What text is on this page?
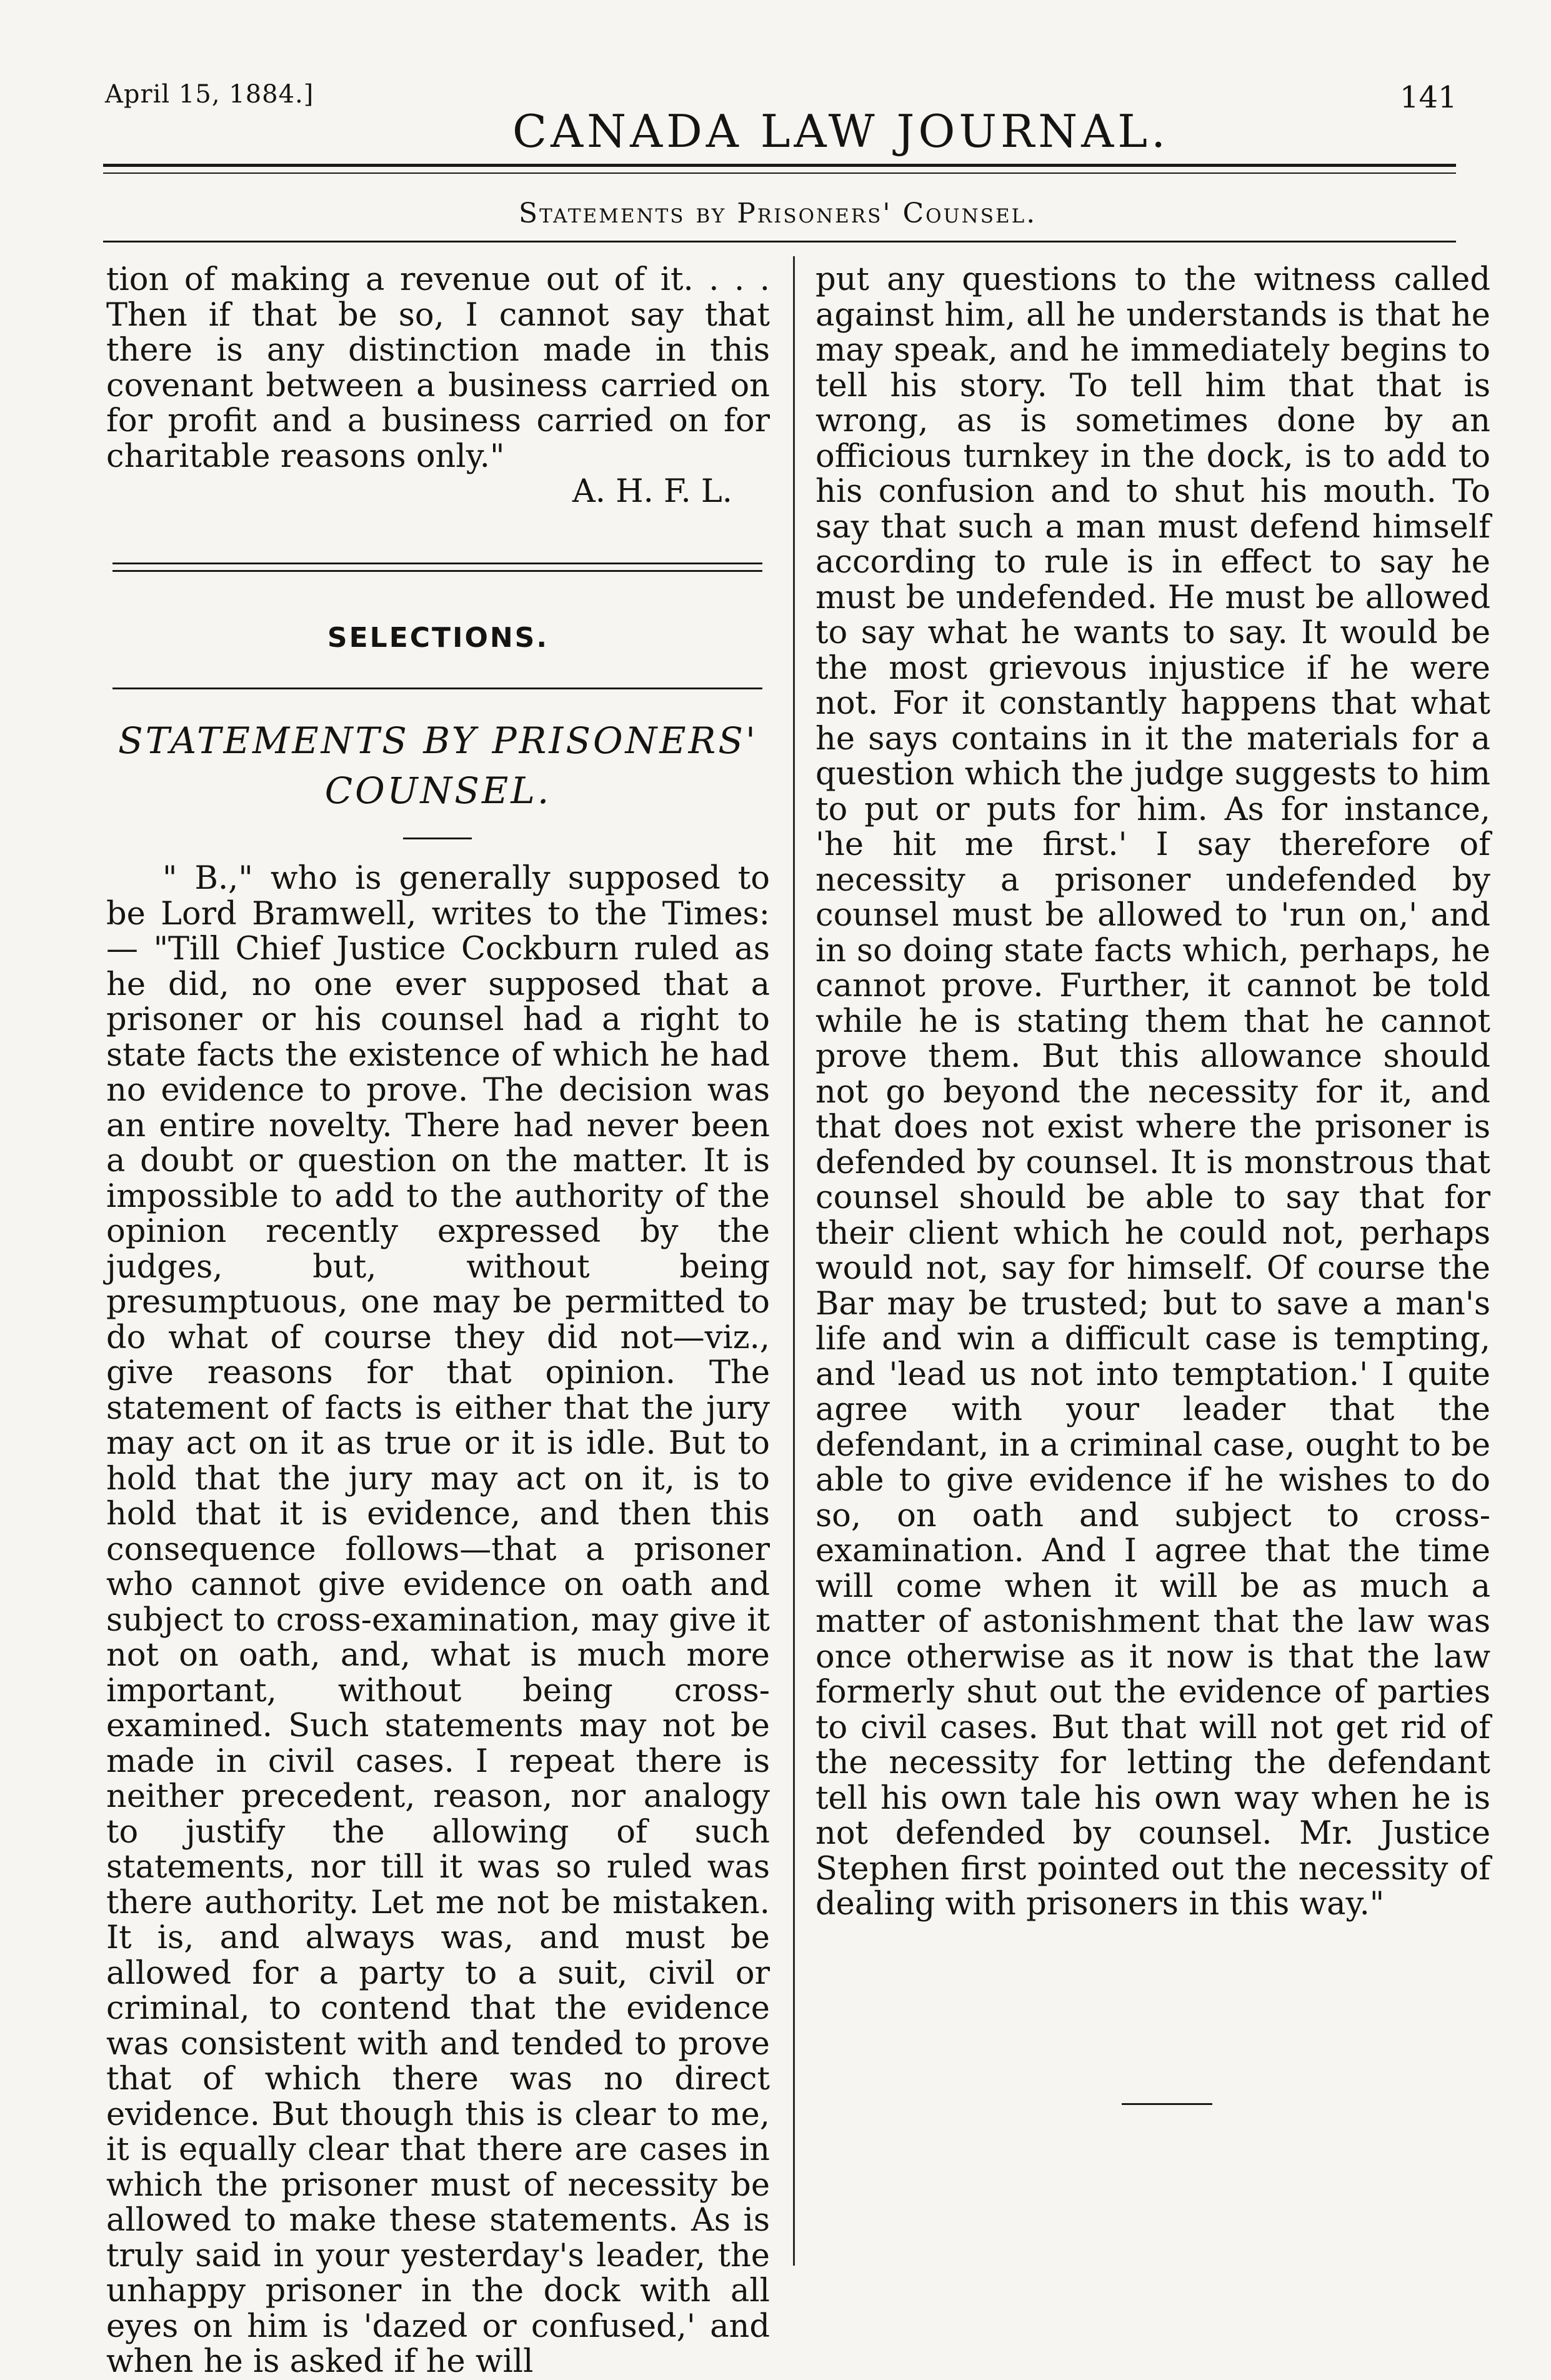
April 15, 1884.]
CANADA LAW JOURNAL.
141
Statements by Prisoners' Counsel.

tion of making a revenue out of it. . . . Then if that be so, I cannot say that there is any distinction made in this covenant between a business carried on for profit and a business carried on for charitable reasons only."

A. H. F. L.
SELECTIONS.
STATEMENTS BY PRISONERS'
COUNSEL.

" B.," who is generally supposed to be Lord Bramwell, writes to the Times:— "Till Chief Justice Cockburn ruled as he did, no one ever supposed that a prisoner or his counsel had a right to state facts the existence of which he had no evidence to prove. The decision was an entire novelty. There had never been a doubt or question on the matter. It is impossible to add to the authority of the opinion recently expressed by the judges, but, without being presumptuous, one may be permitted to do what of course they did not—viz., give reasons for that opinion. The statement of facts is either that the jury may act on it as true or it is idle. But to hold that the jury may act on it, is to hold that it is evidence, and then this consequence follows—that a prisoner who cannot give evidence on oath and subject to cross-examination, may give it not on oath, and, what is much more important, without being cross-examined. Such statements may not be made in civil cases. I repeat there is neither precedent, reason, nor analogy to justify the allowing of such statements, nor till it was so ruled was there authority. Let me not be mistaken. It is, and always was, and must be allowed for a party to a suit, civil or criminal, to contend that the evidence was consistent with and tended to prove that of which there was no direct evidence. But though this is clear to me, it is equally clear that there are cases in which the prisoner must of necessity be allowed to make these statements. As is truly said in your yesterday's leader, the unhappy prisoner in the dock with all eyes on him is 'dazed or confused,' and when he is asked if he will

put any questions to the witness called against him, all he understands is that he may speak, and he immediately begins to tell his story. To tell him that that is wrong, as is sometimes done by an officious turnkey in the dock, is to add to his confusion and to shut his mouth. To say that such a man must defend himself according to rule is in effect to say he must be undefended. He must be allowed to say what he wants to say. It would be the most grievous injustice if he were not. For it constantly happens that what he says contains in it the materials for a question which the judge suggests to him to put or puts for him. As for instance, 'he hit me first.' I say therefore of necessity a prisoner undefended by counsel must be allowed to 'run on,' and in so doing state facts which, perhaps, he cannot prove. Further, it cannot be told while he is stating them that he cannot prove them. But this allowance should not go beyond the necessity for it, and that does not exist where the prisoner is defended by counsel. It is monstrous that counsel should be able to say that for their client which he could not, perhaps would not, say for himself. Of course the Bar may be trusted; but to save a man's life and win a difficult case is tempting, and 'lead us not into temptation.' I quite agree with your leader that the defendant, in a criminal case, ought to be able to give evidence if he wishes to do so, on oath and subject to cross-examination. And I agree that the time will come when it will be as much a matter of astonishment that the law was once otherwise as it now is that the law formerly shut out the evidence of parties to civil cases. But that will not get rid of the necessity for letting the defendant tell his own tale his own way when he is not defended by counsel. Mr. Justice Stephen first pointed out the necessity of dealing with prisoners in this way."
